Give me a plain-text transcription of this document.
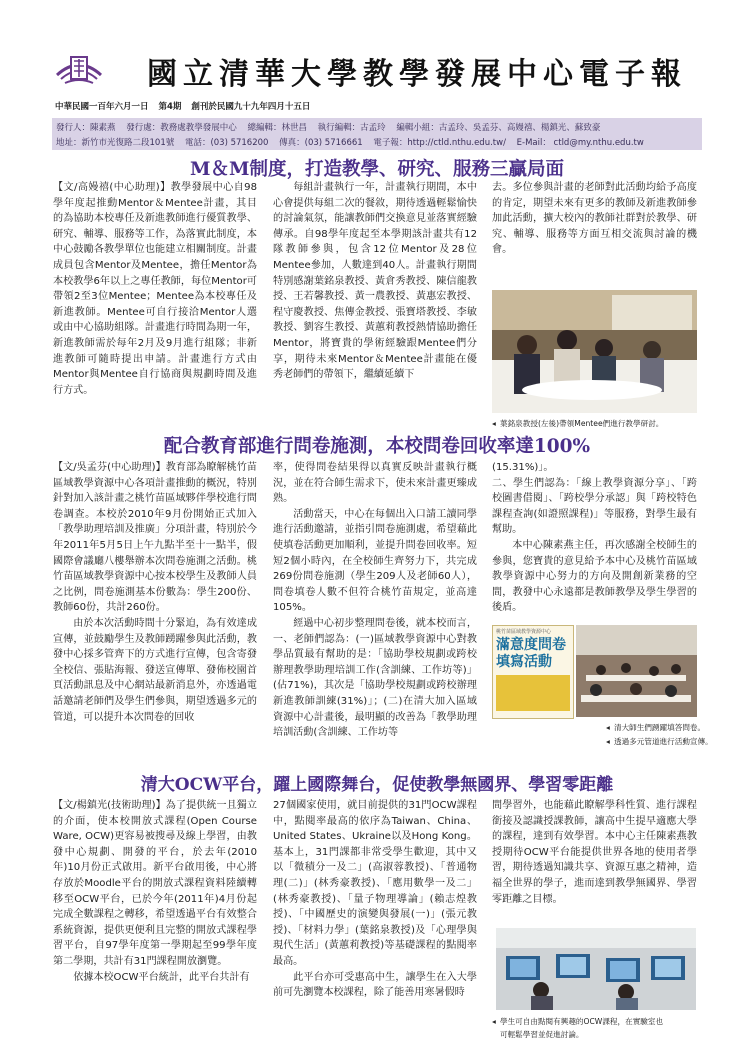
國立清華大學教學發展中心電子報
中華民國一百年六月一日 第4期 創刊於民國九十九年四月十五日
發行人：陳素燕 發行處：教務處教學發展中心 總編輯：林世昌 執行編輯：古孟玲 編輯小組：古孟玲、吳孟芬、高嫚禧、楊鎮光、蘇致豪
地址：新竹市光復路二段101號 電話：(03) 5716200 傳真：(03) 5716661 電子報：http://ctld.nthu.edu.tw/ E-Mail： ctld@my.nthu.edu.tw
M＆M制度，打造教學、研究、服務三贏局面

【文/高嫚禧(中心助理)】教學發展中心自98學年度起推動Mentor＆Mentee計畫，其目的為協助本校專任及新進教師進行優質教學、研究、輔導、服務等工作，為落實此制度，本中心鼓勵各教學單位也能建立相關制度。計畫成員包含Mentor及Mentee，擔任Mentor為本校教學6年以上之專任教師，每位Mentor可帶領2至3位Mentee；Mentee為本校專任及新進教師。Mentee可自行接洽Mentor人選或由中心協助組隊。計畫進行時間為期一年，新進教師需於每年2月及9月進行組隊；非新進教師可隨時提出申請。計畫進行方式由Mentor與Mentee自行協商與規劃時間及進行方式。

每組計畫執行一年，計畫執行期間，本中心會提供每組二次的餐敘，期待透過輕鬆愉快的討論氣氛，能讓教師們交換意見並落實經驗傳承。自98學年度起至本學期該計畫共有12隊教師參與，包含12位Mentor及28位Mentee參加，人數達到40人。計畫執行期間特別感謝葉銘泉教授、黃倉秀教授、陳信龍教授、王若馨教授、黃一農教授、黃惠宏教授、程守慶教授、焦傳金教授、張寶塔教授、李敏教授、劉容生教授、黃蕙莉教授熱情協助擔任Mentor，將寶貴的學術經驗跟Mentee們分享，期待未來Mentor＆Mentee計畫能在優秀老師們的帶領下，繼續延續下

去。多位參與計畫的老師對此活動均給予高度的肯定，期望未來有更多的教師及新進教師參加此活動，擴大校內的教師社群對於教學、研究、輔導、服務等方面互相交流與討論的機會。

◂ 葉銘泉教授(左後)帶領Mentee們進行教學研討。
配合教育部進行問卷施測，本校問卷回收率達100%

【文/吳孟芬(中心助理)】教育部為瞭解桃竹苗區域教學資源中心各項計畫推動的概況，特別針對加入該計畫之桃竹苗區域夥伴學校進行問卷調查。本校於2010年9月份開始正式加入「教學助理培訓及推廣」分項計畫，特別於今年2011年5月5日上午九點半至十一點半，假國際會議廳八樓舉辦本次問卷施測之活動。桃竹苗區域教學資源中心按本校學生及教師人員之比例，問卷施測基本份數為：學生200份、教師60份，共計260份。

由於本次活動時間十分緊迫，為有效達成宣傳，並鼓勵學生及教師踴躍參與此活動，教發中心採多管齊下的方式進行宣傳，包含寄發全校信、張貼海報、發送宣傳單、發佈校園首頁活動訊息及中心網站最新消息外，亦透過電話邀請老師們及學生們參與，期望透過多元的管道，可以提升本次問卷的回收

率，使得問卷結果得以真實反映計畫執行概況，並在符合師生需求下，使未來計畫更臻成熟。

活動當天，中心在每個出入口請工讀同學進行活動邀請，並指引問卷施測處，希望藉此使填卷活動更加順利，並提升問卷回收率。短短2個小時內，在全校師生齊努力下，共完成269份問卷施測（學生209人及老師60人），問卷填卷人數不但符合桃竹苗規定，並高達105%。

經過中心初步整理問卷後，就本校而言，一、老師們認為：(一)區域教學資源中心對教學品質最有幫助的是：「協助學校規劃或跨校辦理教學助理培訓工作(含訓練、工作坊等)」(佔71%)，其次是「協助學校規劃或跨校辦理新進教師訓練(31%)」；(二)在清大加入區域資源中心計畫後，最明顯的改善為「教學助理培訓活動(含訓練、工作坊等

(15.31%)」。

二、學生們認為：「線上教學資源分享」、「跨校圖書借閱」、「跨校學分承認」與「跨校特色課程查詢(如證照課程)」等服務，對學生最有幫助。

本中心陳素燕主任，再次感謝全校師生的參與，您寶貴的意見給予本中心及桃竹苗區域教學資源中心努力的方向及開創新業務的空間，教發中心永遠都是教師教學及學生學習的後盾。

桃竹苗區域教學資源中心
滿意度問卷
填寫活動
◂ 清大師生們踴躍填答問卷。
◂ 透過多元管道進行活動宣傳。
清大OCW平台，躍上國際舞台，促使教學無國界、學習零距離

【文/楊鎮光(技術助理)】為了提供統一且獨立的介面，使本校開放式課程(Open Course Ware, OCW)更容易被搜尋及線上學習，由教發中心規劃、開發的平台，於去年(2010年)10月份正式啟用。新平台啟用後，中心將存放於Moodle平台的開放式課程資料陸續轉移至OCW平台，已於今年(2011年)4月份起完成全數課程之轉移，希望透過平台有效整合系統資源，提供更便利且完整的開放式課程學習平台，自97學年度第一學期起至99學年度第二學期，共計有31門課程開放瀏覽。

依據本校OCW平台統計，此平台共計有

27個國家使用，就目前提供的31門OCW課程中，點閱率最高的依序為Taiwan、China、United States、Ukraine以及Hong Kong。基本上，31門課都非常受學生歡迎，其中又以「微積分一及二」(高淑蓉教授)、「普通物理(二)」(林秀豪教授)、「應用數學一及二」(林秀豪教授)、「量子物理導論」(賴志煌教授)、「中國歷史的演變與發展(一)」(張元教授)、「材料力學」(葉銘泉教授)及「心理學與現代生活」(黃蕙莉教授)等基礎課程的點閱率最高。

此平台亦可受惠高中生，讓學生在入大學前可先瀏覽本校課程，除了能善用寒暑假時

間學習外，也能藉此瞭解學科性質、進行課程銜接及認識授課教師，讓高中生提早適應大學的課程，達到有效學習。本中心主任陳素燕教授期待OCW平台能提供世界各地的使用者學習，期待透過知識共享、資源互惠之精神，造福全世界的學子，進而達到教學無國界、學習零距離之目標。

◂ 學生可自由點閱有興趣的OCW課程，在實驗室也
可輕鬆學習並促進討論。
